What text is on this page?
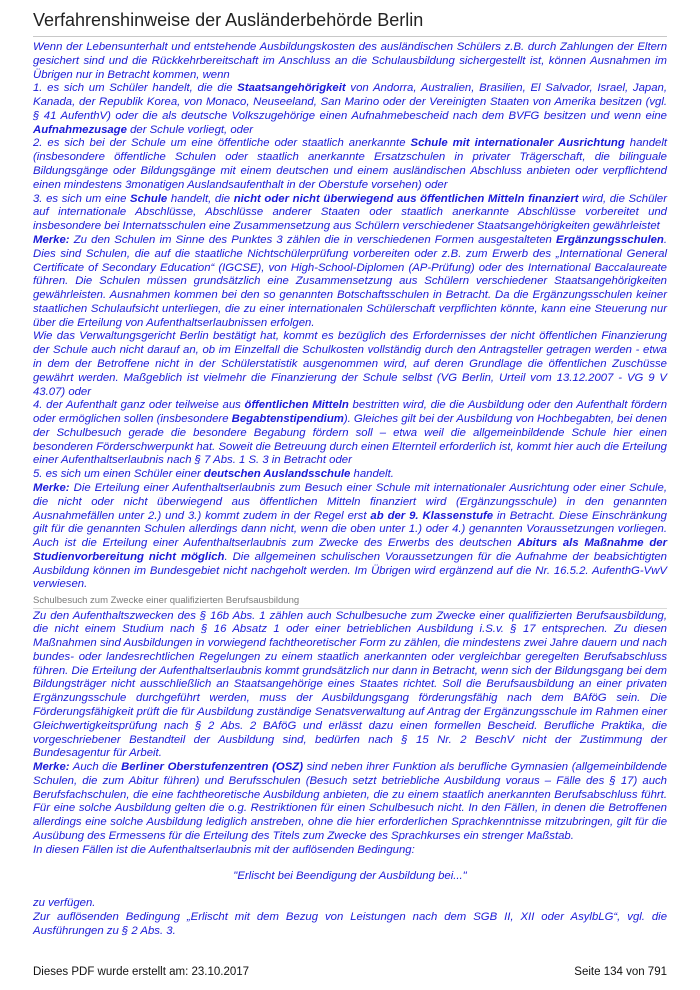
Verfahrenshinweise der Ausländerbehörde Berlin

Wenn der Lebensunterhalt und entstehende Ausbildungskosten des ausländischen Schülers z.B. durch Zahlungen der Eltern gesichert sind und die Rückkehrbereitschaft im Anschluss an die Schulausbildung sichergestellt ist, können Ausnahmen im Übrigen nur in Betracht kommen, wenn

1. es sich um Schüler handelt, die die Staatsangehörigkeit von Andorra, Australien, Brasilien, El Salvador, Israel, Japan, Kanada, der Republik Korea, von Monaco, Neuseeland, San Marino oder der Vereinigten Staaten von Amerika besitzen (vgl. § 41 AufenthV) oder die als deutsche Volkszugehörige einen Aufnahmebescheid nach dem BVFG besitzen und wenn eine Aufnahmezusage der Schule vorliegt, oder

2. es sich bei der Schule um eine öffentliche oder staatlich anerkannte Schule mit internationaler Ausrichtung handelt (insbesondere öffentliche Schulen oder staatlich anerkannte Ersatzschulen in privater Trägerschaft, die bilinguale Bildungsgänge oder Bildungsgänge mit einem deutschen und einem ausländischen Abschluss anbieten oder verpflichtend einen mindestens 3monatigen Auslandsaufenthalt in der Oberstufe vorsehen) oder

3. es sich um eine Schule handelt, die nicht oder nicht überwiegend aus öffentlichen Mitteln finanziert wird, die Schüler auf internationale Abschlüsse, Abschlüsse anderer Staaten oder staatlich anerkannte Abschlüsse vorbereitet und insbesondere bei Internatsschulen eine Zusammensetzung aus Schülern verschiedener Staatsangehörigkeiten gewährleistet

Merke: Zu den Schulen im Sinne des Punktes 3 zählen die in verschiedenen Formen ausgestalteten Ergänzungsschulen. Dies sind Schulen, die auf die staatliche Nichtschülerprüfung vorbereiten oder z.B. zum Erwerb des „International General Certificate of Secondary Education“ (IGCSE), von High-School-Diplomen (AP-Prüfung) oder des International Baccalaureate führen. Die Schulen müssen grundsätzlich eine Zusammensetzung aus Schülern verschiedener Staatsangehörigkeiten gewährleisten. Ausnahmen kommen bei den so genannten Botschaftsschulen in Betracht. Da die Ergänzungsschulen keiner staatlichen Schulaufsicht unterliegen, die zu einer internationalen Schülerschaft verpflichten könnte, kann eine Steuerung nur über die Erteilung von Aufenthaltserlaubnissen erfolgen.

Wie das Verwaltungsgericht Berlin bestätigt hat, kommt es bezüglich des Erfordernisses der nicht öffentlichen Finanzierung der Schule auch nicht darauf an, ob im Einzelfall die Schulkosten vollständig durch den Antragsteller getragen werden - etwa in dem der Betroffene nicht in der Schülerstatistik ausgenommen wird, auf deren Grundlage die öffentlichen Zuschüsse gewährt werden. Maßgeblich ist vielmehr die Finanzierung der Schule selbst (VG Berlin, Urteil vom 13.12.2007 - VG 9 V 43.07) oder

4. der Aufenthalt ganz oder teilweise aus öffentlichen Mitteln bestritten wird, die die Ausbildung oder den Aufenthalt fördern oder ermöglichen sollen (insbesondere Begabtenstipendium). Gleiches gilt bei der Ausbildung von Hochbegabten, bei denen der Schulbesuch gerade die besondere Begabung fördern soll – etwa weil die allgemeinbildende Schule hier einen besonderen Förderschwerpunkt hat. Soweit die Betreuung durch einen Elternteil erforderlich ist, kommt hier auch die Erteilung einer Aufenthaltserlaubnis nach § 7 Abs. 1 S. 3 in Betracht oder

5. es sich um einen Schüler einer deutschen Auslandsschule handelt.

Merke: Die Erteilung einer Aufenthaltserlaubnis zum Besuch einer Schule mit internationaler Ausrichtung oder einer Schule, die nicht oder nicht überwiegend aus öffentlichen Mitteln finanziert wird (Ergänzungsschule) in den genannten Ausnahmefällen unter 2.) und 3.) kommt zudem in der Regel erst ab der 9. Klassenstufe in Betracht. Diese Einschränkung gilt für die genannten Schulen allerdings dann nicht, wenn die oben unter 1.) oder 4.) genannten Voraussetzungen vorliegen. Auch ist die Erteilung einer Aufenthaltserlaubnis zum Zwecke des Erwerbs des deutschen Abiturs als Maßnahme der Studienvorbereitung nicht möglich. Die allgemeinen schulischen Voraussetzungen für die Aufnahme der beabsichtigten Ausbildung können im Bundesgebiet nicht nachgeholt werden. Im Übrigen wird ergänzend auf die Nr. 16.5.2. AufenthG-VwV verwiesen.

Schulbesuch zum Zwecke einer qualifizierten Berufsausbildung

Zu den Aufenthaltszwecken des § 16b Abs. 1 zählen auch Schulbesuche zum Zwecke einer qualifizierten Berufsausbildung, die nicht einem Studium nach § 16 Absatz 1 oder einer betrieblichen Ausbildung i.S.v. § 17 entsprechen. Zu diesen Maßnahmen sind Ausbildungen in vorwiegend fachtheoretischer Form zu zählen, die mindestens zwei Jahre dauern und nach bundes- oder landesrechtlichen Regelungen zu einem staatlich anerkannten oder vergleichbar geregelten Berufsabschluss führen. Die Erteilung der Aufenthaltserlaubnis kommt grundsätzlich nur dann in Betracht, wenn sich der Bildungsgang bei dem Bildungsträger nicht ausschließlich an Staatsangehörige eines Staates richtet. Soll die Berufsausbildung an einer privaten Ergänzungsschule durchgeführt werden, muss der Ausbildungsgang förderungsfähig nach dem BAföG sein. Die Förderungsfähigkeit prüft die für Ausbildung zuständige Senatsverwaltung auf Antrag der Ergänzungsschule im Rahmen einer Gleichwertigkeitsprüfung nach § 2 Abs. 2 BAföG und erlässt dazu einen formellen Bescheid. Berufliche Praktika, die vorgeschriebener Bestandteil der Ausbildung sind, bedürfen nach § 15 Nr. 2 BeschV nicht der Zustimmung der Bundesagentur für Arbeit.

Merke: Auch die Berliner Oberstufenzentren (OSZ) sind neben ihrer Funktion als berufliche Gymnasien (allgemeinbildende Schulen, die zum Abitur führen) und Berufsschulen (Besuch setzt betriebliche Ausbildung voraus – Fälle des § 17) auch Berufsfachschulen, die eine fachtheoretische Ausbildung anbieten, die zu einem staatlich anerkannten Berufsabschluss führt. Für eine solche Ausbildung gelten die o.g. Restriktionen für einen Schulbesuch nicht. In den Fällen, in denen die Betroffenen allerdings eine solche Ausbildung lediglich anstreben, ohne die hier erforderlichen Sprachkenntnisse mitzubringen, gilt für die Ausübung des Ermessens für die Erteilung des Titels zum Zwecke des Sprachkurses ein strenger Maßstab.

In diesen Fällen ist die Aufenthaltserlaubnis mit der auflösenden Bedingung:

"Erlischt bei Beendigung der Ausbildung bei..."

zu verfügen.

Zur auflösenden Bedingung „Erlischt mit dem Bezug von Leistungen nach dem SGB II, XII oder AsylbLG“, vgl. die Ausführungen zu § 2 Abs. 3.

Dieses PDF wurde erstellt am: 23.10.2017	Seite 134 von 791
